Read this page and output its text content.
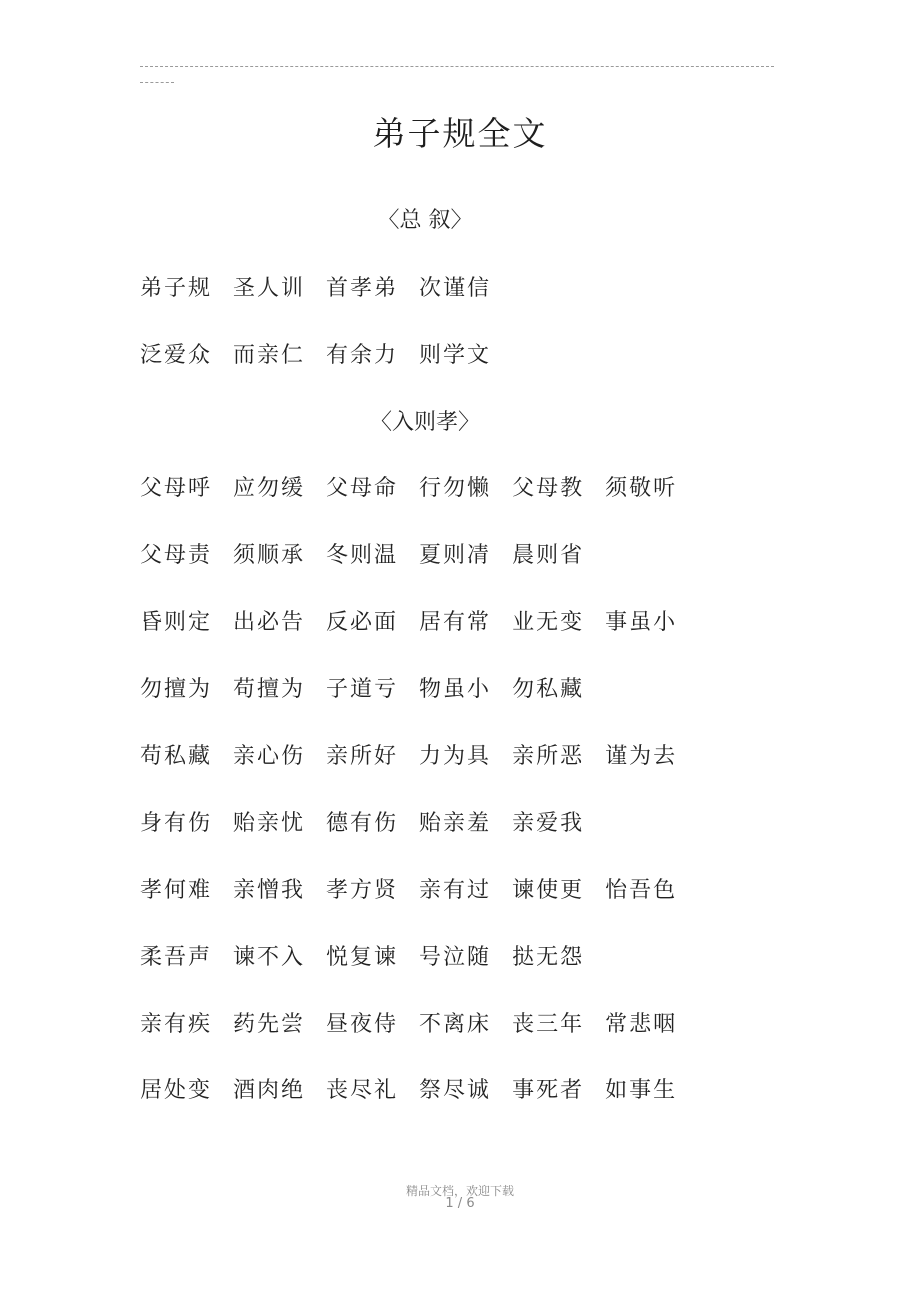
弟子规全文
〈总 叙〉
弟子规 圣人训 首孝弟 次谨信
泛爱众 而亲仁 有余力 则学文
〈入则孝〉
父母呼 应勿缓 父母命 行勿懒 父母教 须敬听
父母责 须顺承 冬则温 夏则凊 晨则省
昏则定 出必告 反必面 居有常 业无变 事虽小
勿擅为 苟擅为 子道亏 物虽小 勿私藏
苟私藏 亲心伤 亲所好 力为具 亲所恶 谨为去
身有伤 贻亲忧 德有伤 贻亲羞 亲爱我
孝何难 亲憎我 孝方贤 亲有过 谏使更 怡吾色
柔吾声 谏不入 悦复谏 号泣随 挞无怨
亲有疾 药先尝 昼夜侍 不离床 丧三年 常悲咽
居处变 酒肉绝 丧尽礼 祭尽诚 事死者 如事生
精品文档，欢迎下载
1 / 6
